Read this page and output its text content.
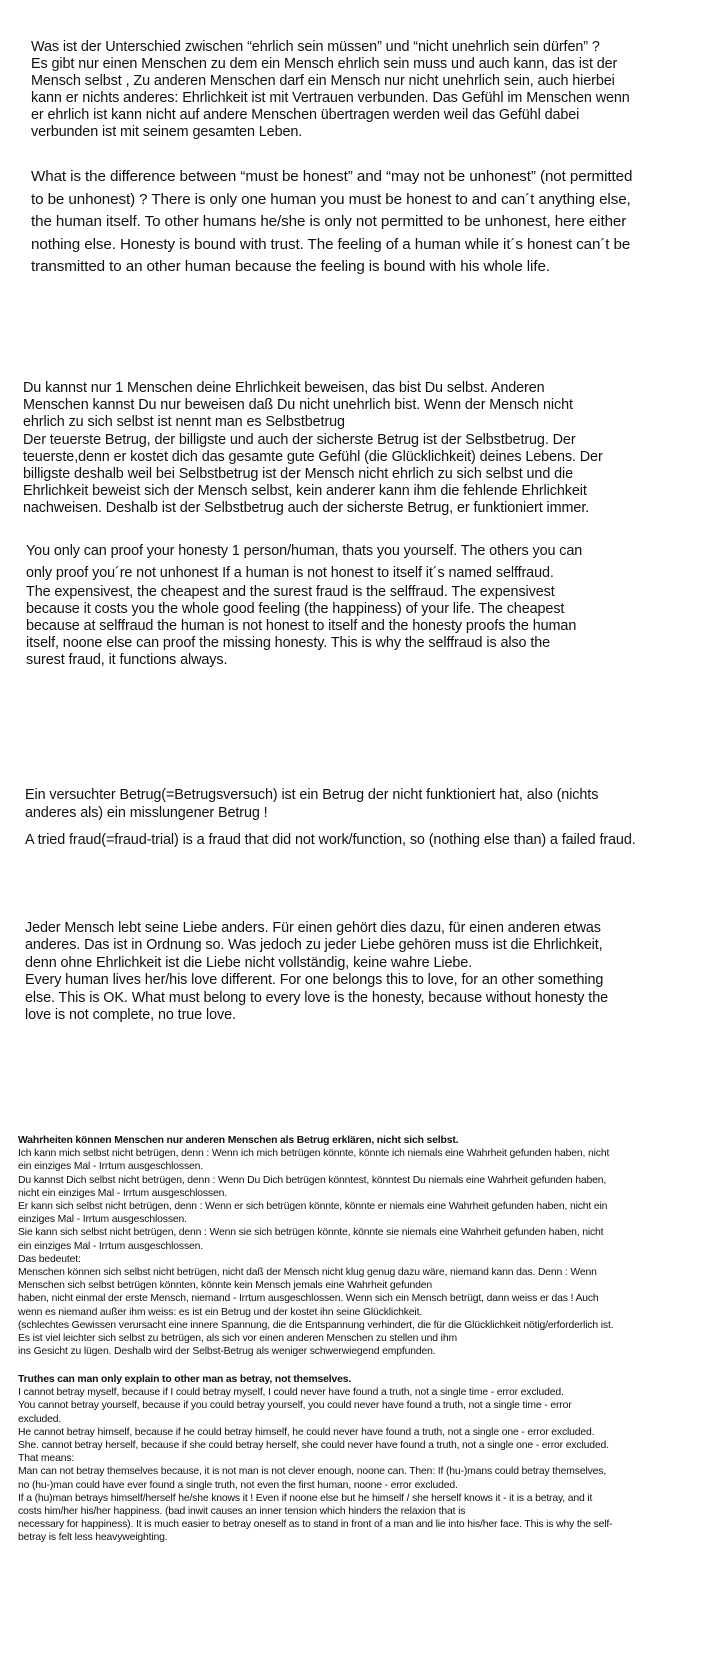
Was ist der Unterschied zwischen “ehrlich sein müssen” und “nicht unehrlich sein dürfen” ?

Es gibt nur einen Menschen zu dem ein Mensch ehrlich sein muss und auch kann, das ist der

Mensch selbst , Zu anderen Menschen darf ein Mensch nur nicht unehrlich sein, auch hierbei

kann er nichts anderes: Ehrlichkeit ist mit Vertrauen verbunden. Das Gefühl im Menschen wenn

er ehrlich ist kann nicht auf andere Menschen übertragen werden weil das Gefühl dabei

verbunden ist mit seinem gesamten Leben.

What is the difference between “must be honest” and “may not be unhonest” (not permitted

to be unhonest) ? There is only one human you must be honest to and can´t anything else,

the human itself. To other humans he/she is only not permitted to be unhonest, here either

nothing else. Honesty is bound with trust. The feeling of a human while it´s honest can´t be

transmitted to an other human because the feeling is bound with his whole life.

Du kannst nur 1 Menschen deine Ehrlichkeit beweisen, das bist Du selbst. Anderen

Menschen kannst Du nur beweisen daß Du nicht unehrlich bist. Wenn der Mensch nicht

ehrlich zu sich selbst ist nennt man es Selbstbetrug

Der teuerste Betrug, der billigste und auch der sicherste Betrug ist der Selbstbetrug. Der

teuerste,denn er kostet dich das gesamte gute Gefühl (die Glücklichkeit) deines Lebens. Der

billigste deshalb weil bei Selbstbetrug ist der Mensch nicht ehrlich zu sich selbst und die

Ehrlichkeit beweist sich der Mensch selbst, kein anderer kann ihm die fehlende Ehrlichkeit

nachweisen. Deshalb ist der Selbstbetrug auch der sicherste Betrug, er funktioniert immer.

You only can proof your honesty 1 person/human, thats you yourself. The others you can

only proof you´re not unhonest If a human is not honest to itself it´s named selffraud.

The expensivest, the cheapest and the surest fraud is the selffraud. The expensivest

because it costs you the whole good feeling (the happiness) of your life. The cheapest

because at selffraud the human is not honest to itself and the honesty proofs the human

itself, noone else can proof the missing honesty. This is why the selffraud is also the

surest fraud, it functions always.

Ein versuchter Betrug(=Betrugsversuch) ist ein Betrug der nicht funktioniert hat, also (nichts

anderes als) ein misslungener Betrug !

A tried fraud(=fraud-trial) is a fraud that did not work/function, so (nothing else than) a failed fraud.

Jeder Mensch lebt seine Liebe anders. Für einen gehört dies dazu, für einen anderen etwas

anderes. Das ist in Ordnung so. Was jedoch zu jeder Liebe gehören muss ist die Ehrlichkeit,

denn ohne Ehrlichkeit ist die Liebe nicht vollständig, keine wahre Liebe.

Every human lives her/his love different. For one belongs this to love, for an other something

else. This is OK. What must belong to every love is the honesty, because without honesty the

love is not complete, no true love.

Wahrheiten können Menschen nur anderen Menschen als Betrug erklären, nicht sich selbst.

Ich kann mich selbst nicht betrügen, denn : Wenn ich mich betrügen könnte, könnte ich niemals eine Wahrheit gefunden haben, nicht

ein einziges Mal - Irrtum ausgeschlossen.

Du kannst Dich selbst nicht betrügen, denn : Wenn Du Dich betrügen könntest, könntest Du niemals eine Wahrheit gefunden haben,

nicht ein einziges Mal - Irrtum ausgeschlossen.

Er kann sich selbst nicht betrügen, denn : Wenn er sich betrügen könnte, könnte er niemals eine Wahrheit gefunden haben, nicht ein

einziges Mal - Irrtum ausgeschlossen.

Sie kann sich selbst nicht betrügen, denn : Wenn sie sich betrügen könnte, könnte sie niemals eine Wahrheit gefunden haben, nicht

ein einziges Mal - Irrtum ausgeschlossen.

Das bedeutet:

Menschen können sich selbst nicht betrügen, nicht daß der Mensch nicht klug genug dazu wäre, niemand kann das. Denn : Wenn

Menschen sich selbst betrügen könnten, könnte kein Mensch jemals eine Wahrheit gefunden

haben, nicht einmal der erste Mensch, niemand - Irrtum ausgeschlossen. Wenn sich ein Mensch betrügt, dann weiss er das ! Auch

wenn es niemand außer ihm weiss: es ist ein Betrug und der kostet ihn seine Glücklichkeit.

(schlechtes Gewissen verursacht eine innere Spannung, die die Entspannung verhindert, die für die Glücklichkeit nötig/erforderlich ist.

Es ist viel leichter sich selbst zu betrügen, als sich vor einen anderen Menschen zu stellen und ihm

ins Gesicht zu lügen. Deshalb wird der Selbst-Betrug als weniger schwerwiegend empfunden.

Truthes can man only explain to other man as betray, not themselves.

I cannot betray myself, because if I could betray myself, I could never have found a truth, not a single time - error excluded.

You cannot betray yourself, because if you could betray yourself, you could never have found a truth, not a single time - error

excluded.

He cannot betray himself, because if he could betray himself, he could never have found a truth, not a single one - error excluded.

She. cannot betray herself, because if she could betray herself, she could never have found a truth, not a single one - error excluded.

That means:

Man can not betray themselves because, it is not man is not clever enough, noone can. Then: If (hu-)mans could betray themselves,

no (hu-)man could have ever found a single truth, not even the first human, noone - error excluded.

If a (hu)man betrays himself/herself he/she knows it ! Even if noone else but he himself / she herself knows it - it is a betray, and it

costs him/her his/her happiness. (bad inwit causes an inner tension which hinders the relaxion that is

necessary for happiness). It is much easier to betray oneself as to stand in front of a man and lie into his/her face. This is why the self-

betray is felt less heavyweighting.
